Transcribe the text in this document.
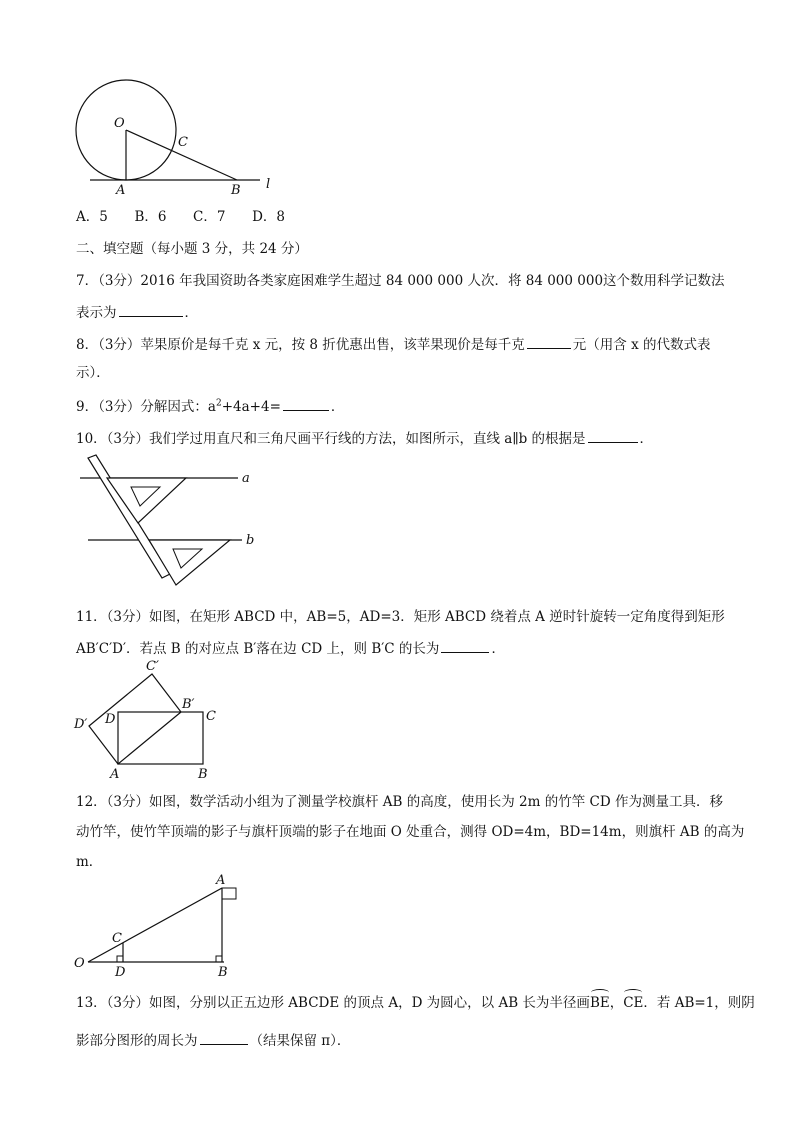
O
C
A	B l
A．5 B．6 C．7 D．8
二、填空题（每小题 3 分，共 24 分）
7．（3分）2016 年我国资助各类家庭困难学生超过 84 000 000 人次．将 84 000 000这个数用科学记数法
表示为	．
8．（3分）苹果原价是每千克 x 元，按 8 折优惠出售，该苹果现价是每千克	元（用含 x 的代数式表
示）．
9．（3分）分解因式：$a^2+4a+4=$	．
10．（3分）我们学过用直尺和三角尺画平行线的方法，如图所示，直线 a∥b 的根据是	．
a
b
11．（3分）如图，在矩形 ABCD 中，AB=5，AD=3．矩形 ABCD 绕着点 A 逆时针旋转一定角度得到矩形
AB′C′D′．若点 B 的对应点 B′落在边 CD 上，则 B′C 的长为	．
C′
B′
C
D′ D
A	B
12．（3分）如图，数学活动小组为了测量学校旗杆 AB 的高度，使用长为 2m 的竹竿 CD 作为测量工具．移
动竹竿，使竹竿顶端的影子与旗杆顶端的影子在地面 O 处重合，测得 OD=4m，BD=14m，则旗杆 AB 的高为
m．
A
C
O
D	B
13．（3分）如图，分别以正五边形 ABCDE 的顶点 A，D 为圆心，以 AB 长为半径画BE，CE．若 AB=1，则阴
影部分图形的周长为	（结果保留 π）．
